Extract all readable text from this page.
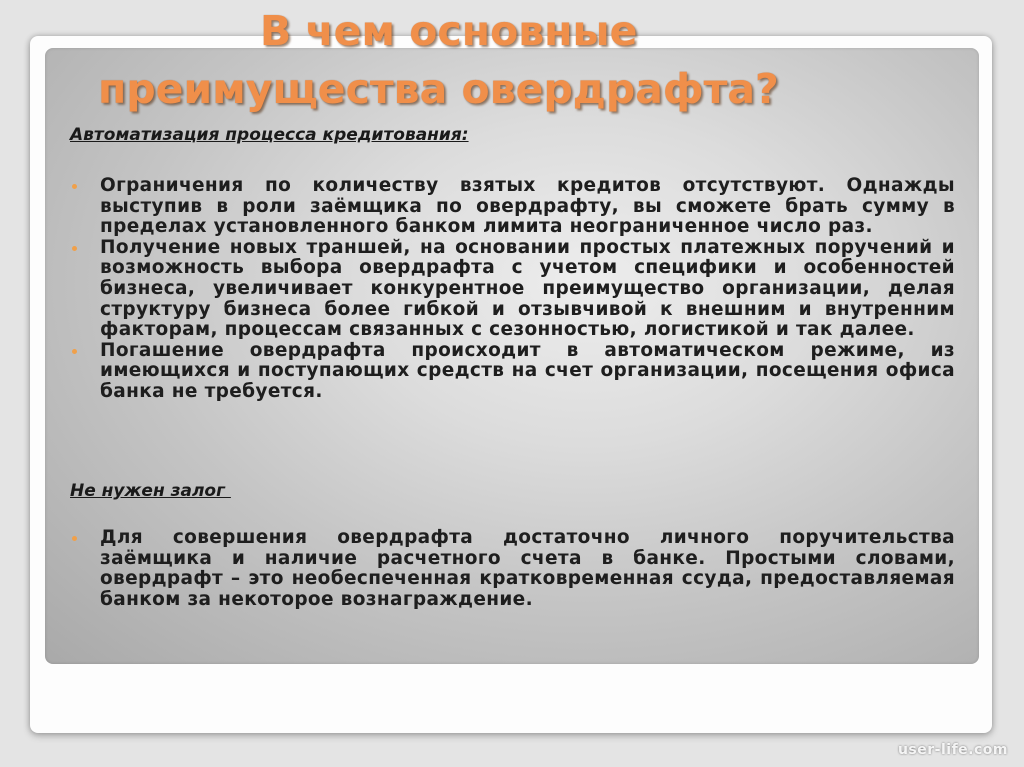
В чем основные
преимущества овердрафта?
Автоматизация процесса кредитования:
Ограничения по количеству взятых кредитов отсутствуют. Однажды выступив в роли заёмщика по овердрафту, вы сможете брать сумму в пределах установленного банком лимита неограниченное число раз.
Получение новых траншей, на основании простых платежных поручений и возможность выбора овердрафта с учетом специфики и особенностей бизнеса, увеличивает конкурентное преимущество организации, делая структуру бизнеса более гибкой и отзывчивой к внешним и внутренним факторам, процессам связанных с сезонностью, логистикой и так далее.
Погашение овердрафта происходит в автоматическом режиме, из имеющихся и поступающих средств на счет организации, посещения офиса банка не требуется.
Не нужен залог
Для совершения овердрафта достаточно личного поручительства заёмщика и наличие расчетного счета в банке. Простыми словами, овердрафт – это необеспеченная кратковременная ссуда, предоставляемая банком за некоторое вознаграждение.
user-life.com
